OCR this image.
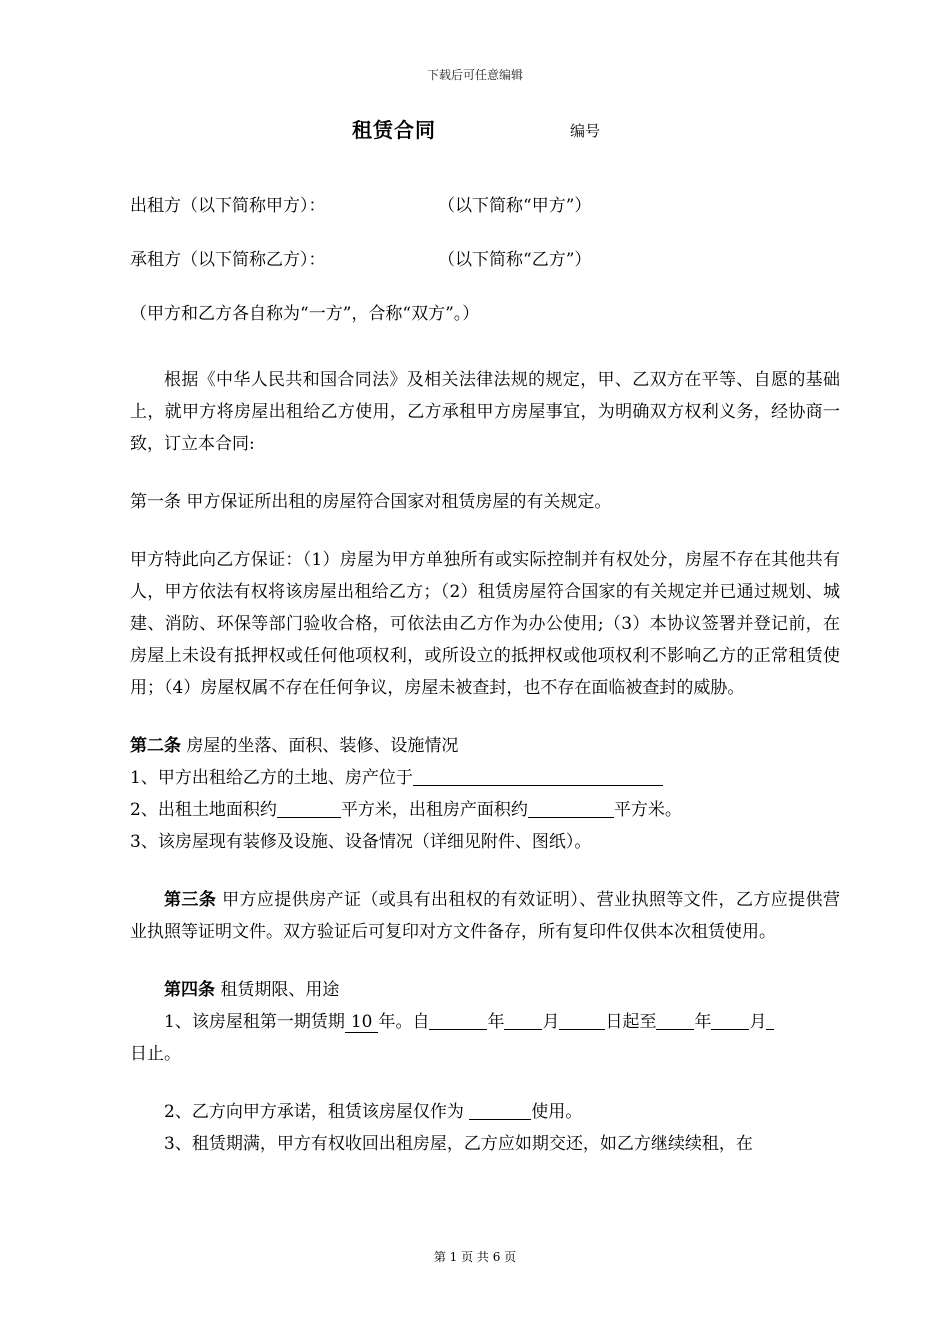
下载后可任意编辑
租赁合同	编号
出租方（以下简称甲方）：	（以下简称“甲方”）
承租方（以下简称乙方）：	（以下简称“乙方”）

（甲方和乙方各自称为“一方”，合称“双方”。）

根据《中华人民共和国合同法》及相关法律法规的规定，甲、乙双方在平等、自愿的基础上，就甲方将房屋出租给乙方使用，乙方承租甲方房屋事宜，为明确双方权利义务，经协商一致，订立本合同:

第一条 甲方保证所出租的房屋符合国家对租赁房屋的有关规定。

甲方特此向乙方保证：（1）房屋为甲方单独所有或实际控制并有权处分，房屋不存在其他共有人，甲方依法有权将该房屋出租给乙方；（2）租赁房屋符合国家的有关规定并已通过规划、城建、消防、环保等部门验收合格，可依法由乙方作为办公使用;（3）本协议签署并登记前，在房屋上未设有抵押权或任何他项权利，或所设立的抵押权或他项权利不影响乙方的正常租赁使用；（4）房屋权属不存在任何争议，房屋未被查封，也不存在面临被查封的威胁。

第二条 房屋的坐落、面积、装修、设施情况

1、甲方出租给乙方的土地、房产位于

2、出租土地面积约	平方米，出租房产面积约	平方米。

3、该房屋现有装修及设施、设备情况（详细见附件、图纸）。

第三条 甲方应提供房产证（或具有出租权的有效证明）、营业执照等文件，乙方应提供营业执照等证明文件。双方验证后可复印对方文件备存，所有复印件仅供本次租赁使用。

第四条 租赁期限、用途

1、该房屋租第一期赁期 10 年。自	年 月	日起至 年 月
日止。

2、乙方向甲方承诺，租赁该房屋仅作为	使用。

3、租赁期满，甲方有权收回出租房屋，乙方应如期交还，如乙方继续续租，在

第 1 页 共 6 页
